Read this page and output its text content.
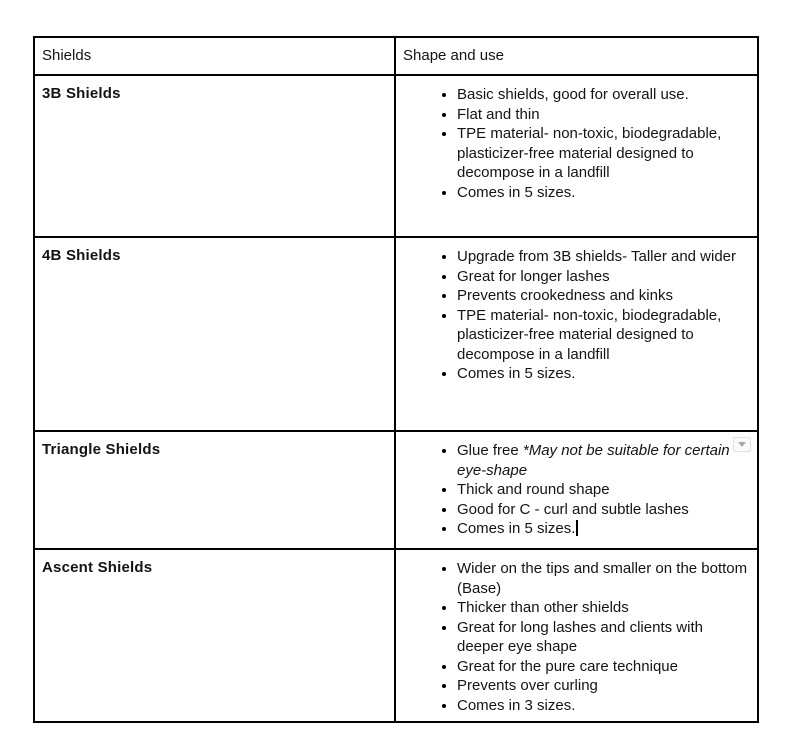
Shields	Shape and use
3B Shields	
•Basic shields, good for overall use.
• Flat and thin
• TPE material- non-toxic, biodegradable, plasticizer-free material designed to decompose in a landfill
• Comes in 5 sizes.

4B Shields	
•Upgrade from 3B shields- Taller and wider
• Great for longer lashes
• Prevents crookedness and kinks
• TPE material- non-toxic, biodegradable, plasticizer-free material designed to decompose in a landfill
• Comes in 5 sizes.

Triangle Shields	
•Glue free *May not be suitable for certain eye-shape
• Thick and round shape
• Good for C - curl and subtle lashes
• Comes in 5 sizes.

Ascent Shields	
•Wider on the tips and smaller on the bottom (Base)
• Thicker than other shields
• Great for long lashes and clients with deeper eye shape
• Great for the pure care technique
• Prevents over curling
• Comes in 3 sizes.
